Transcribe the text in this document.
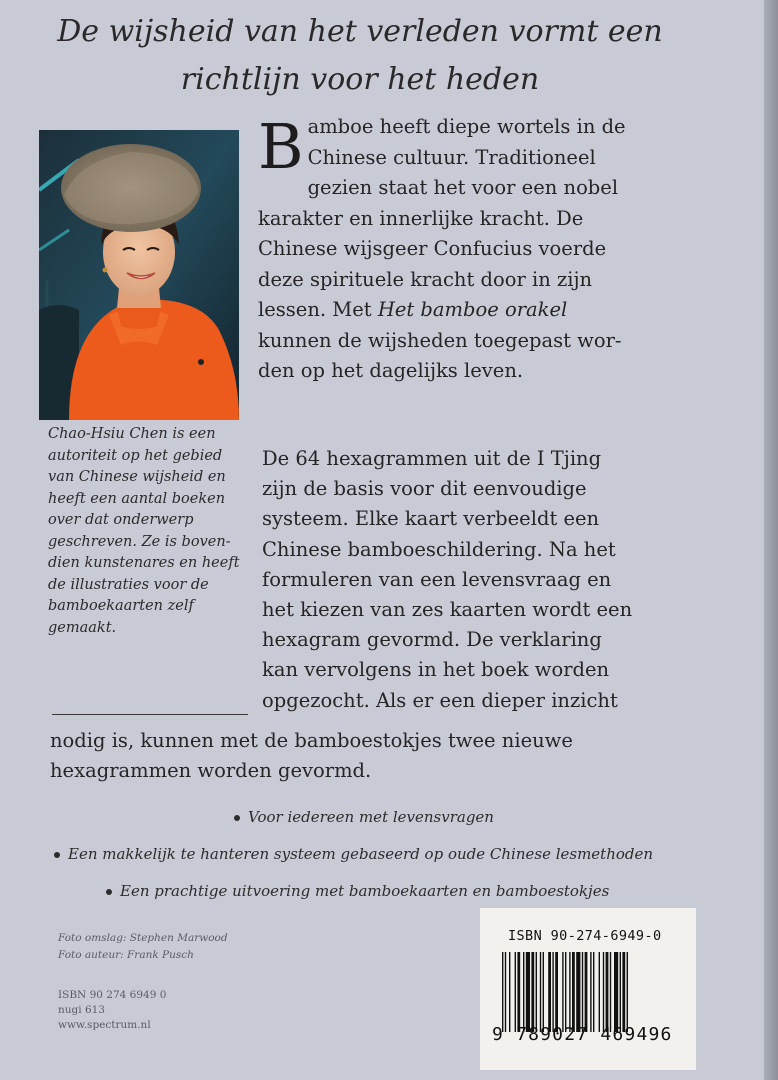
De wijsheid van het verleden vormt een
richtlijn voor het heden
Chao-Hsiu Chen is een
autoriteit op het gebied
van Chinese wijsheid en
heeft een aantal boeken
over dat onderwerp
geschreven. Ze is boven-
dien kunstenares en heeft
de illustraties voor de
bamboekaarten zelf
gemaakt.
B amboe heeft diepe wortels in de
Chinese cultuur. Traditioneel
gezien staat het voor een nobel
karakter en innerlijke kracht. De
Chinese wijsgeer Confucius voerde
deze spirituele kracht door in zijn
lessen. Met Het bamboe orakel
kunnen de wijsheden toegepast wor-
den op het dagelijks leven.
De 64 hexagrammen uit de I Tjing
zijn de basis voor dit eenvoudige
systeem. Elke kaart verbeeldt een
Chinese bamboeschildering. Na het
formuleren van een levensvraag en
het kiezen van zes kaarten wordt een
hexagram gevormd. De verklaring
kan vervolgens in het boek worden
opgezocht. Als er een dieper inzicht
nodig is, kunnen met de bamboestokjes twee nieuwe
hexagrammen worden gevormd.
Voor iedereen met levensvragen
Een makkelijk te hanteren systeem gebaseerd op oude Chinese lesmethoden
Een prachtige uitvoering met bamboekaarten en bamboestokjes
Foto omslag: Stephen Marwood
Foto auteur: Frank Pusch
ISBN 90 274 6949 0
nugi 613
www.spectrum.nl
ISBN 90-274-6949-0
9 789027 469496
